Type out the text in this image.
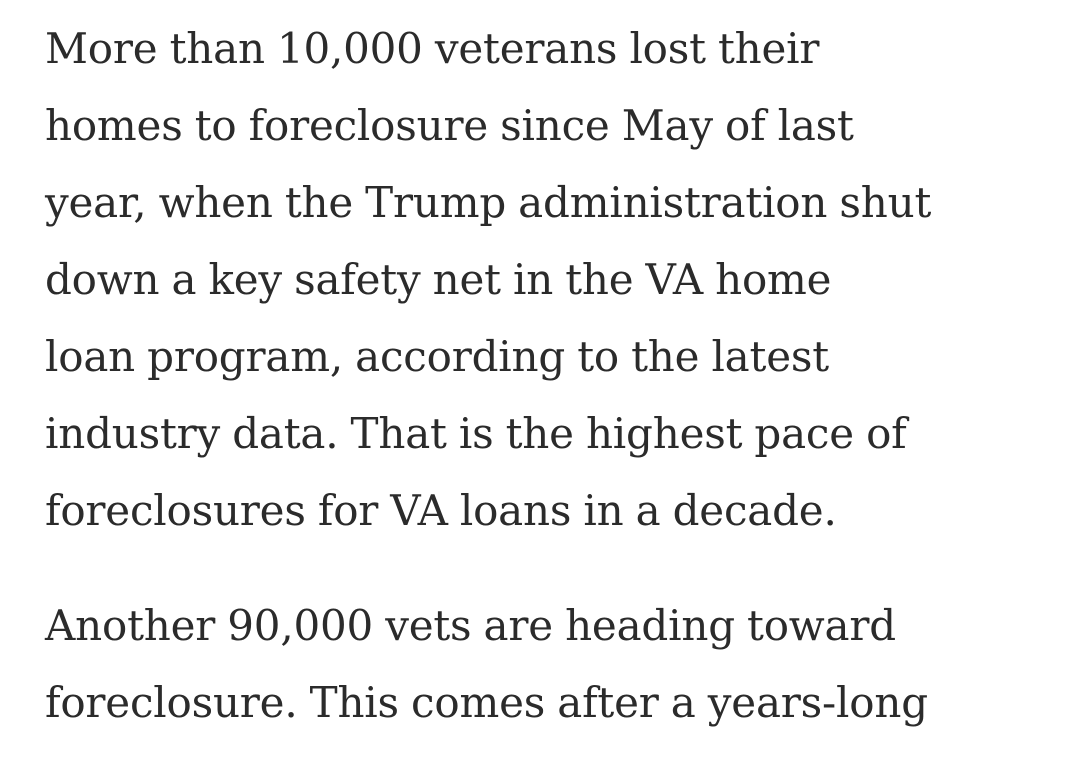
More than 10,000 veterans lost their
homes to foreclosure since May of last
year, when the Trump administration shut
down a key safety net in the VA home
loan program, according to the latest
industry data. That is the highest pace of
foreclosures for VA loans in a decade.

Another 90,000 vets are heading toward
foreclosure. This comes after a years-long
